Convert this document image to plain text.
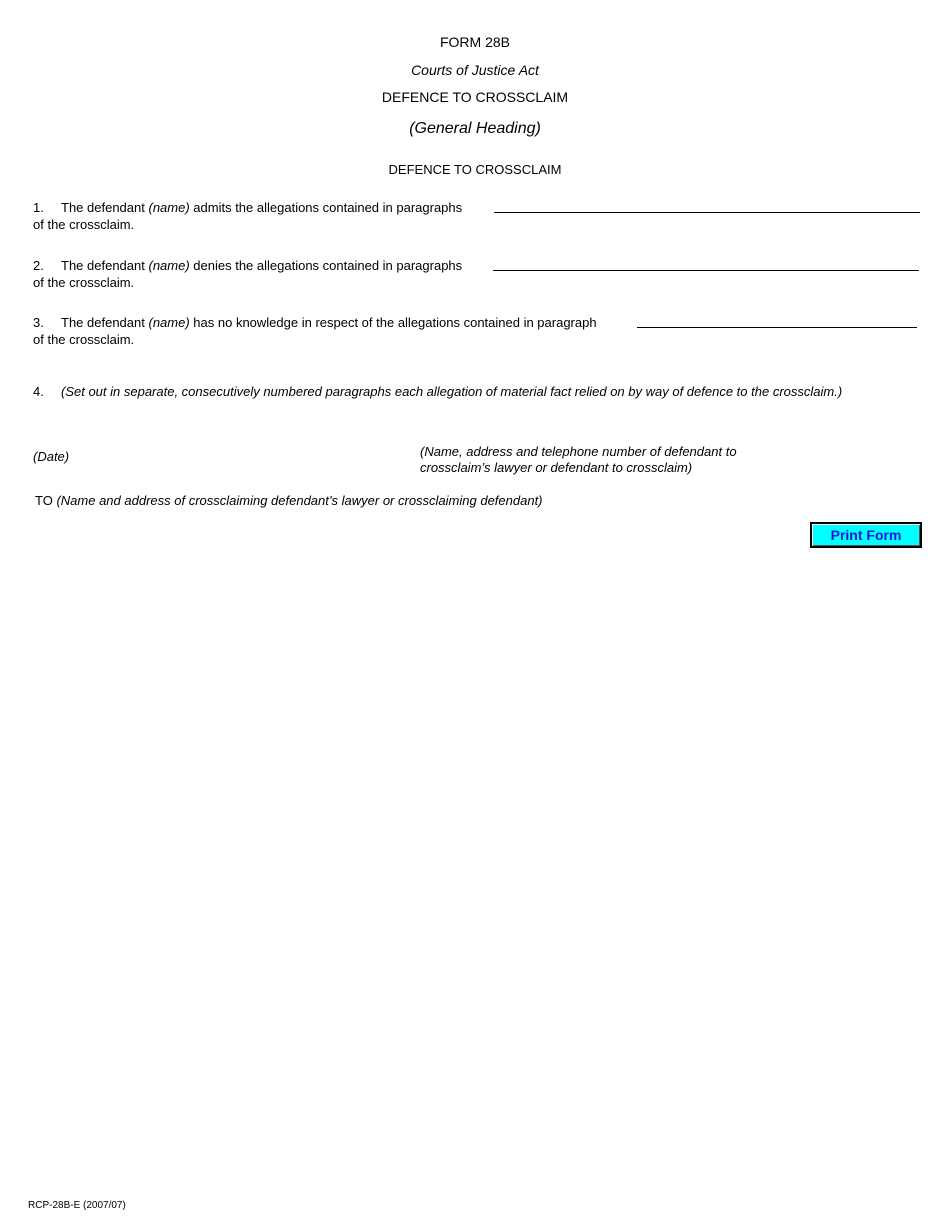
FORM 28B
Courts of Justice Act
DEFENCE TO CROSSCLAIM
(General Heading)
DEFENCE TO CROSSCLAIM
1. The defendant (name) admits the allegations contained in paragraphs
of the crossclaim.
2. The defendant (name) denies the allegations contained in paragraphs
of the crossclaim.
3. The defendant (name) has no knowledge in respect of the allegations contained in paragraph
of the crossclaim.
4. (Set out in separate, consecutively numbered paragraphs each allegation of material fact relied on by way of defence to the crossclaim.)
(Date)	(Name, address and telephone number of defendant to
crossclaim’s lawyer or defendant to crossclaim)
TO (Name and address of crossclaiming defendant’s lawyer or crossclaiming defendant)
Print Form
RCP-28B-E (2007/07)
